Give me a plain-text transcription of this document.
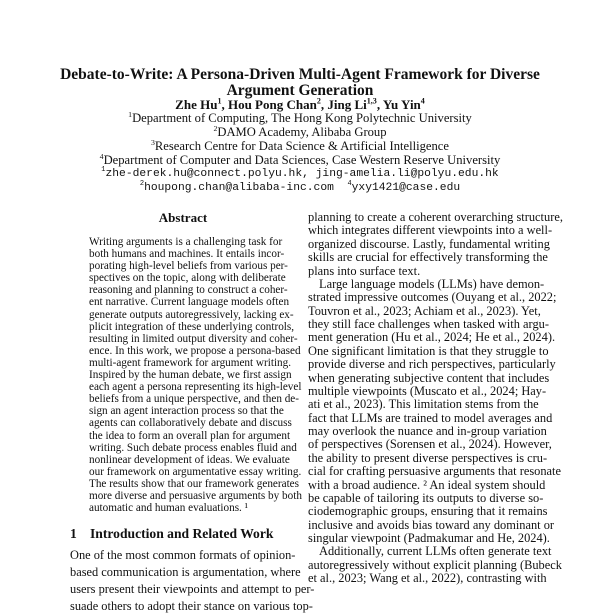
Debate-to-Write: A Persona-Driven Multi-Agent Framework for Diverse
Argument Generation
Zhe Hu$^1$, Hou Pong Chan$^2$, Jing Li$^{1,3}$, Yu Yin$^4$
$^1$Department of Computing, The Hong Kong Polytechnic University
$^2$DAMO Academy, Alibaba Group
$^3$Research Centre for Data Science & Artificial Intelligence
$^4$Department of Computer and Data Sciences, Case Western Reserve University
$^1$zhe-derek.hu@connect.polyu.hk, jing-amelia.li@polyu.edu.hk
$^2$houpong.chan@alibaba-inc.com $^4$yxy1421@case.edu
Abstract
Writing arguments is a challenging task for
both humans and machines. It entails incor-
porating high-level beliefs from various per-
spectives on the topic, along with deliberate
reasoning and planning to construct a coher-
ent narrative. Current language models often
generate outputs autoregressively, lacking ex-
plicit integration of these underlying controls,
resulting in limited output diversity and coher-
ence. In this work, we propose a persona-based
multi-agent framework for argument writing.
Inspired by the human debate, we first assign
each agent a persona representing its high-level
beliefs from a unique perspective, and then de-
sign an agent interaction process so that the
agents can collaboratively debate and discuss
the idea to form an overall plan for argument
writing. Such debate process enables fluid and
nonlinear development of ideas. We evaluate
our framework on argumentative essay writing.
The results show that our framework generates
more diverse and persuasive arguments by both
automatic and human evaluations. ¹
1 Introduction and Related Work
One of the most common formats of opinion-
based communication is argumentation, where
users present their viewpoints and attempt to per-
suade others to adopt their stance on various top-
planning to create a coherent overarching structure,
which integrates different viewpoints into a well-
organized discourse. Lastly, fundamental writing
skills are crucial for effectively transforming the
plans into surface text.
Large language models (LLMs) have demon-
strated impressive outcomes (Ouyang et al., 2022;
Touvron et al., 2023; Achiam et al., 2023). Yet,
they still face challenges when tasked with argu-
ment generation (Hu et al., 2024; He et al., 2024).
One significant limitation is that they struggle to
provide diverse and rich perspectives, particularly
when generating subjective content that includes
multiple viewpoints (Muscato et al., 2024; Hay-
ati et al., 2023). This limitation stems from the
fact that LLMs are trained to model averages and
may overlook the nuance and in-group variation
of perspectives (Sorensen et al., 2024). However,
the ability to present diverse perspectives is cru-
cial for crafting persuasive arguments that resonate
with a broad audience. ² An ideal system should
be capable of tailoring its outputs to diverse so-
ciodemographic groups, ensuring that it remains
inclusive and avoids bias toward any dominant or
singular viewpoint (Padmakumar and He, 2024).
Additionally, current LLMs often generate text
autoregressively without explicit planning (Bubeck
et al., 2023; Wang et al., 2022), contrasting with
